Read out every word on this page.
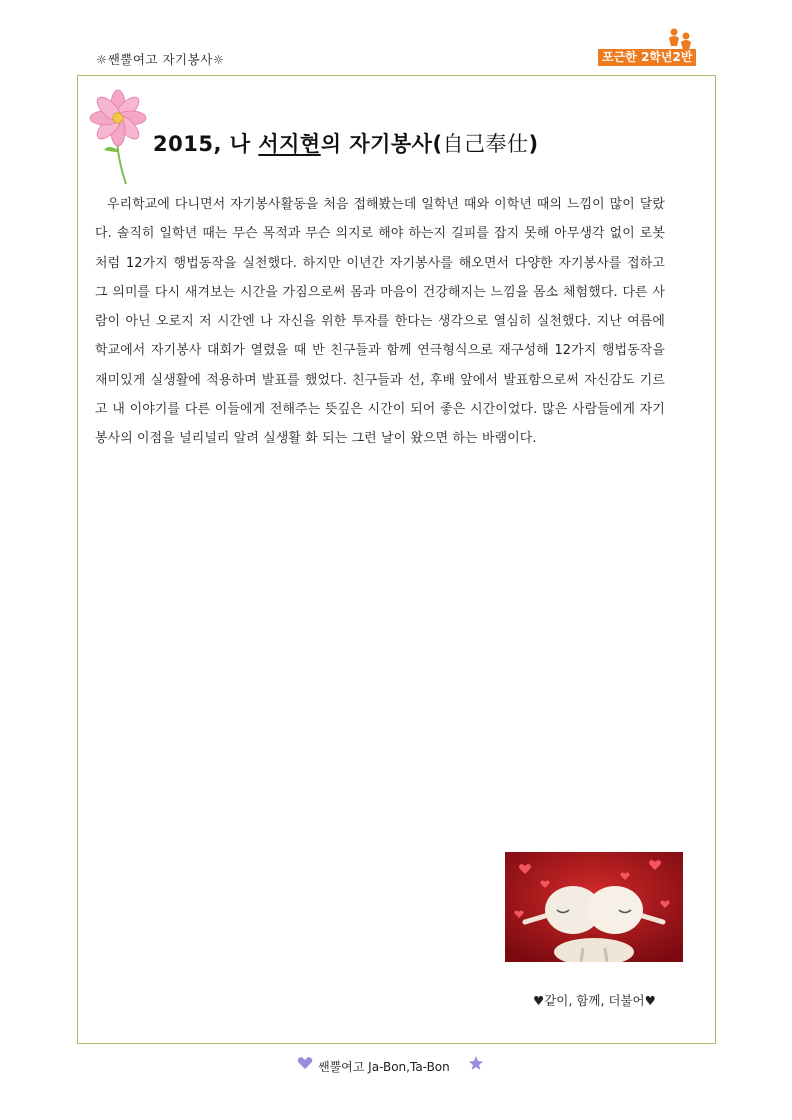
☼쌘뿔여고 자기봉사☼	포근한 2학년2반
2015, 나 서지현의 자기봉사(自己奉仕)

우리학교에 다니면서 자기봉사활동을 처음 접해봤는데 일학년 때와 이학년 때의 느낌이 많이 달랐다. 솔직히 일학년 때는 무슨 목적과 무슨 의지로 해야 하는지 길피를 잡지 못해 아무생각 없이 로봇처럼 12가지 행법동작을 실천했다. 하지만 이년간 자기봉사를 해오면서 다양한 자기봉사를 접하고 그 의미를 다시 새겨보는 시간을 가짐으로써 몸과 마음이 건강해지는 느낌을 몸소 체험했다. 다른 사람이 아닌 오로지 저 시간엔 나 자신을 위한 투자를 한다는 생각으로 열심히 실천했다. 지난 여름에 학교에서 자기봉사 대회가 열렸을 때 반 친구들과 함께 연극형식으로 재구성해 12가지 행법동작을 재미있게 실생활에 적용하며 발표를 했었다. 친구들과 선, 후배 앞에서 발표함으로써 자신감도 기르고 내 이야기를 다른 이들에게 전해주는 뜻깊은 시간이 되어 좋은 시간이었다. 많은 사람들에게 자기봉사의 이점을 널리널리 알려 실생활 화 되는 그런 날이 왔으면 하는 바램이다.

♥같이, 함께, 더불어♥
쌘뿔여고 Ja-Bon,Ta-Bon
